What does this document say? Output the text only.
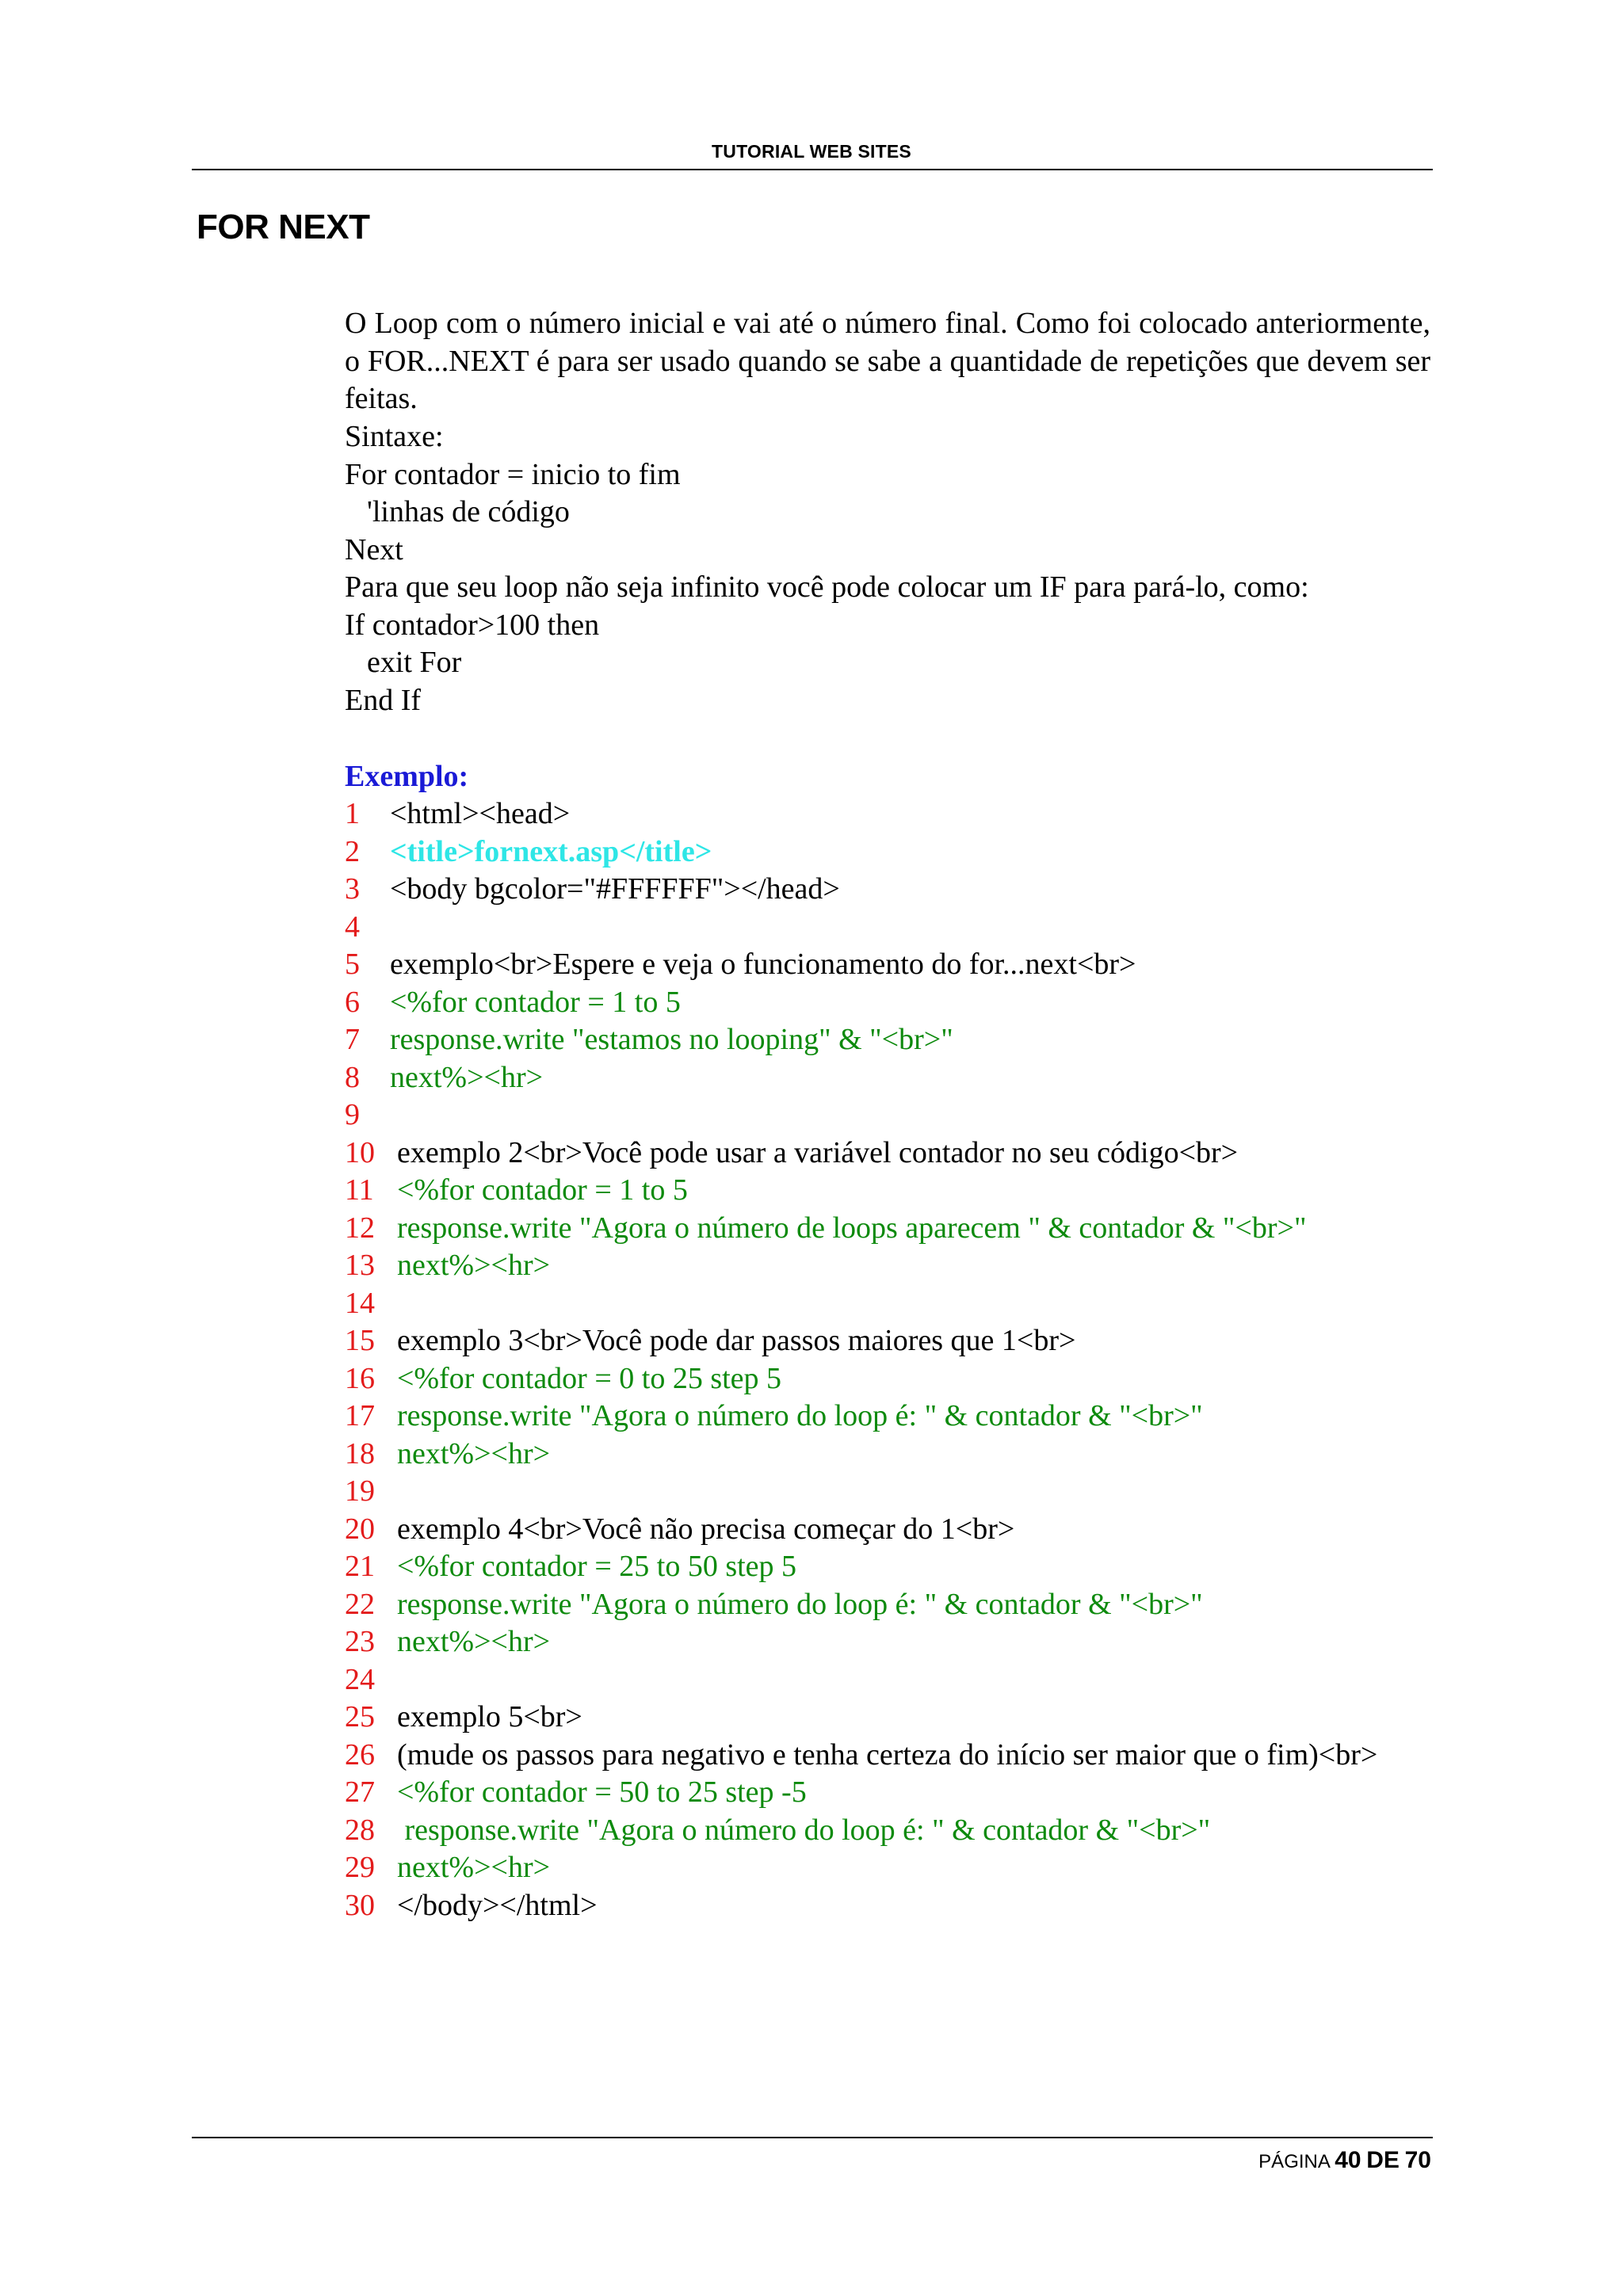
TUTORIAL WEB SITES
FOR NEXT

O Loop com o número inicial e vai até o número final. Como foi colocado anteriormente, o FOR...NEXT é para ser usado quando se sabe a quantidade de repetições que devem ser feitas.

Sintaxe:
For contador = inicio to fim
'linhas de código
Next
Para que seu loop não seja infinito você pode colocar um IF para pará-lo, como:
If contador>100 then
exit For
End If
Exemplo:
1 <html><head>
2 <title>fornext.asp</title>
3 <body bgcolor="#FFFFFF"></head>
4
5 exemplo<br>Espere e veja o funcionamento do for...next<br>
6 <%for contador = 1 to 5
7 response.write "estamos no looping" & "<br>"
8 next%><hr>
9
10 exemplo 2<br>Você pode usar a variável contador no seu código<br>
11 <%for contador = 1 to 5
12 response.write "Agora o número de loops aparecem " & contador & "<br>"
13 next%><hr>
14
15 exemplo 3<br>Você pode dar passos maiores que 1<br>
16 <%for contador = 0 to 25 step 5
17 response.write "Agora o número do loop é: " & contador & "<br>"
18 next%><hr>
19
20 exemplo 4<br>Você não precisa começar do 1<br>
21 <%for contador = 25 to 50 step 5
22 response.write "Agora o número do loop é: " & contador & "<br>"
23 next%><hr>
24
25 exemplo 5<br>
26 (mude os passos para negativo e tenha certeza do início ser maior que o fim)<br>
27 <%for contador = 50 to 25 step -5
28 response.write "Agora o número do loop é: " & contador & "<br>"
29 next%><hr>
30 </body></html>
PÁGINA 40 DE 70
